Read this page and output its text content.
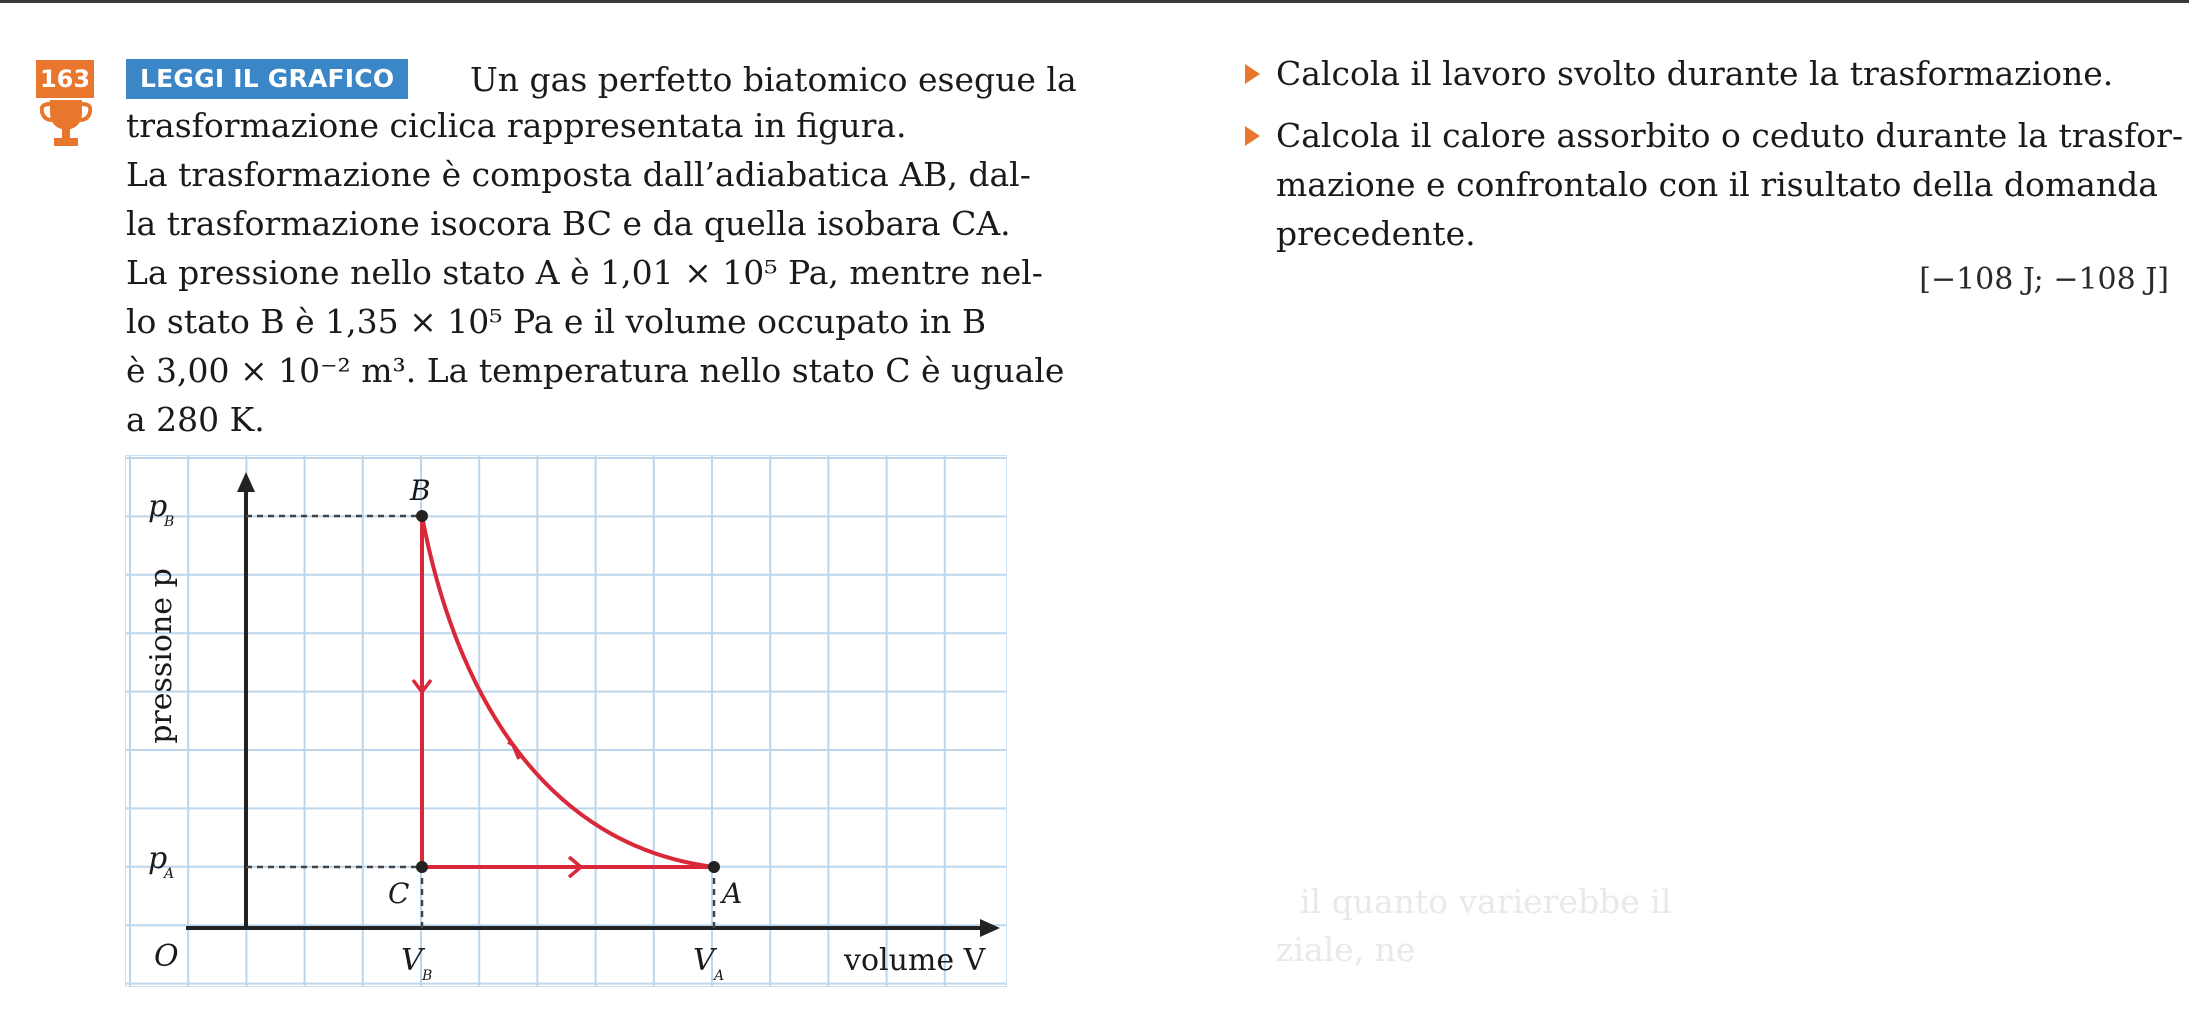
163	LEGGI IL GRAFICO	Un gas perfetto biatomico esegue la
trasformazione ciclica rappresentata in figura.
La trasformazione è composta dall’adiabatica AB, dal-
la trasformazione isocora BC e da quella isobara CA.
La pressione nello stato A è 1,01 × 10⁵ Pa, mentre nel-
lo stato B è 1,35 × 10⁵ Pa e il volume occupato in B
è 3,00 × 10⁻² m³. La temperatura nello stato C è uguale
a 280 K.
Calcola il lavoro svolto durante la trasformazione.
Calcola il calore assorbito o ceduto durante la trasfor-
mazione e confrontalo con il risultato della domanda
precedente.
[−108 J; −108 J]
il quanto varierebbe il
ziale, ne
pressione p
p
B
p
A
O	V B	V A	volume V
B
C	A
